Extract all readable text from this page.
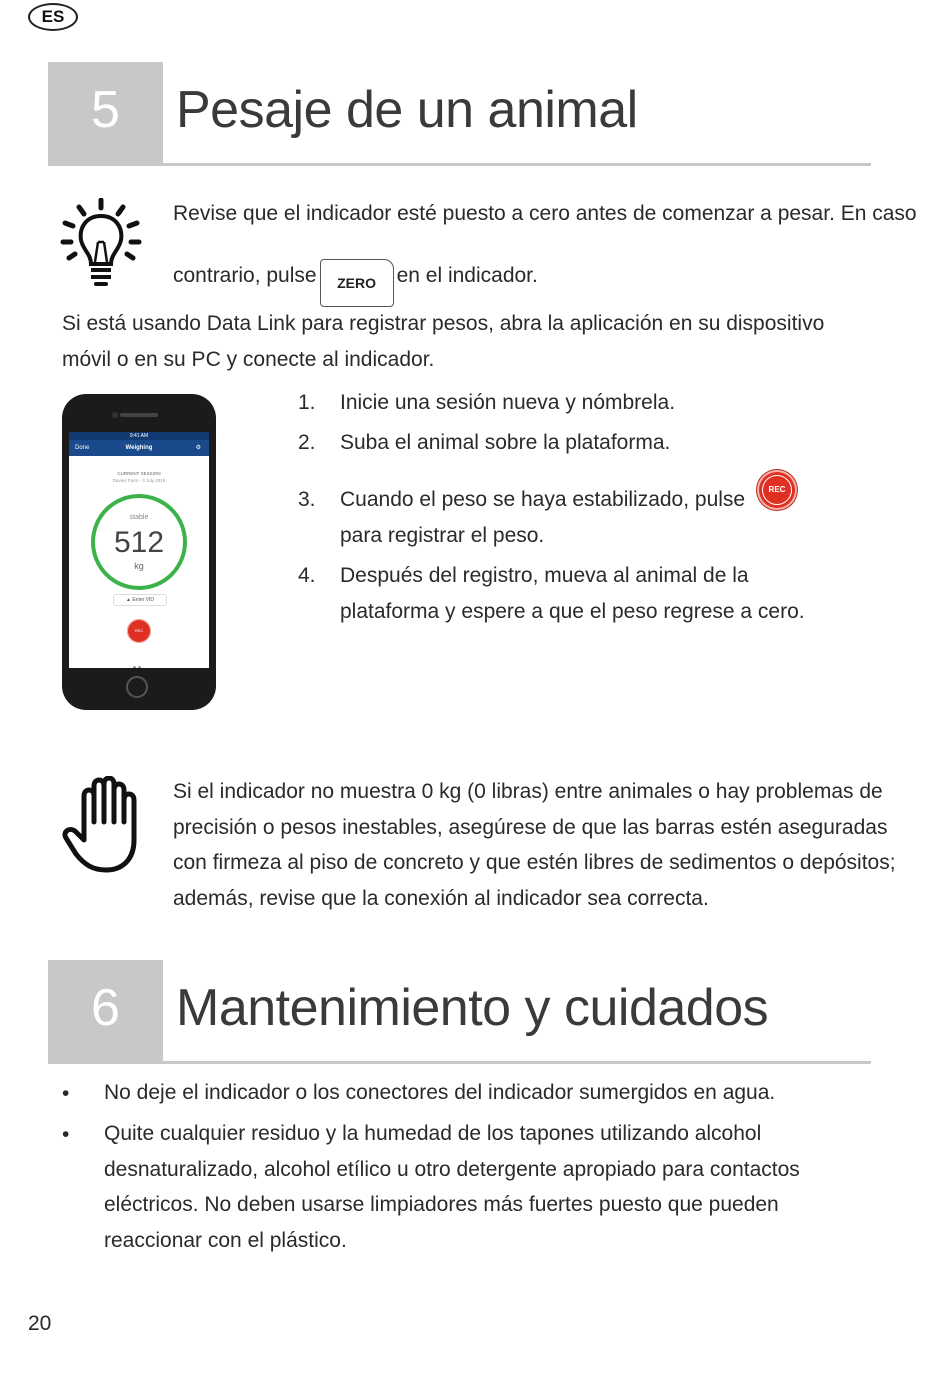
ES
5	Pesaje de un animal
Revise que el indicador esté puesto a cero antes de comenzar a pesar. En caso
contrario, pulse ZERO en el indicador.
Si está usando Data Link para registrar pesos, abra la aplicación en su dispositivo
móvil o en su PC y conecte al indicador.
9:41 AM
Done	Weighing	⚙
CURRENT SESSION
Davies Farm - 3 July 2018
stable
512
kg
▲ Enter VID
REC
1.	Inicie una sesión nueva y nómbrela.
2.	Suba el animal sobre la plataforma.
3.	Cuando el peso se haya estabilizado, pulse
para registrar el peso.
REC
4.	Después del registro, mueva al animal de la
plataforma y espere a que el peso regrese a cero.
Si el indicador no muestra 0 kg (0 libras) entre animales o hay problemas de
precisión o pesos inestables, asegúrese de que las barras estén aseguradas
con firmeza al piso de concreto y que estén libres de sedimentos o depósitos;
además, revise que la conexión al indicador sea correcta.
6	Mantenimiento y cuidados
• No deje el indicador o los conectores del indicador sumergidos en agua.
• Quite cualquier residuo y la humedad de los tapones utilizando alcohol
desnaturalizado, alcohol etílico u otro detergente apropiado para contactos
eléctricos. No deben usarse limpiadores más fuertes puesto que pueden
reaccionar con el plástico.
20
